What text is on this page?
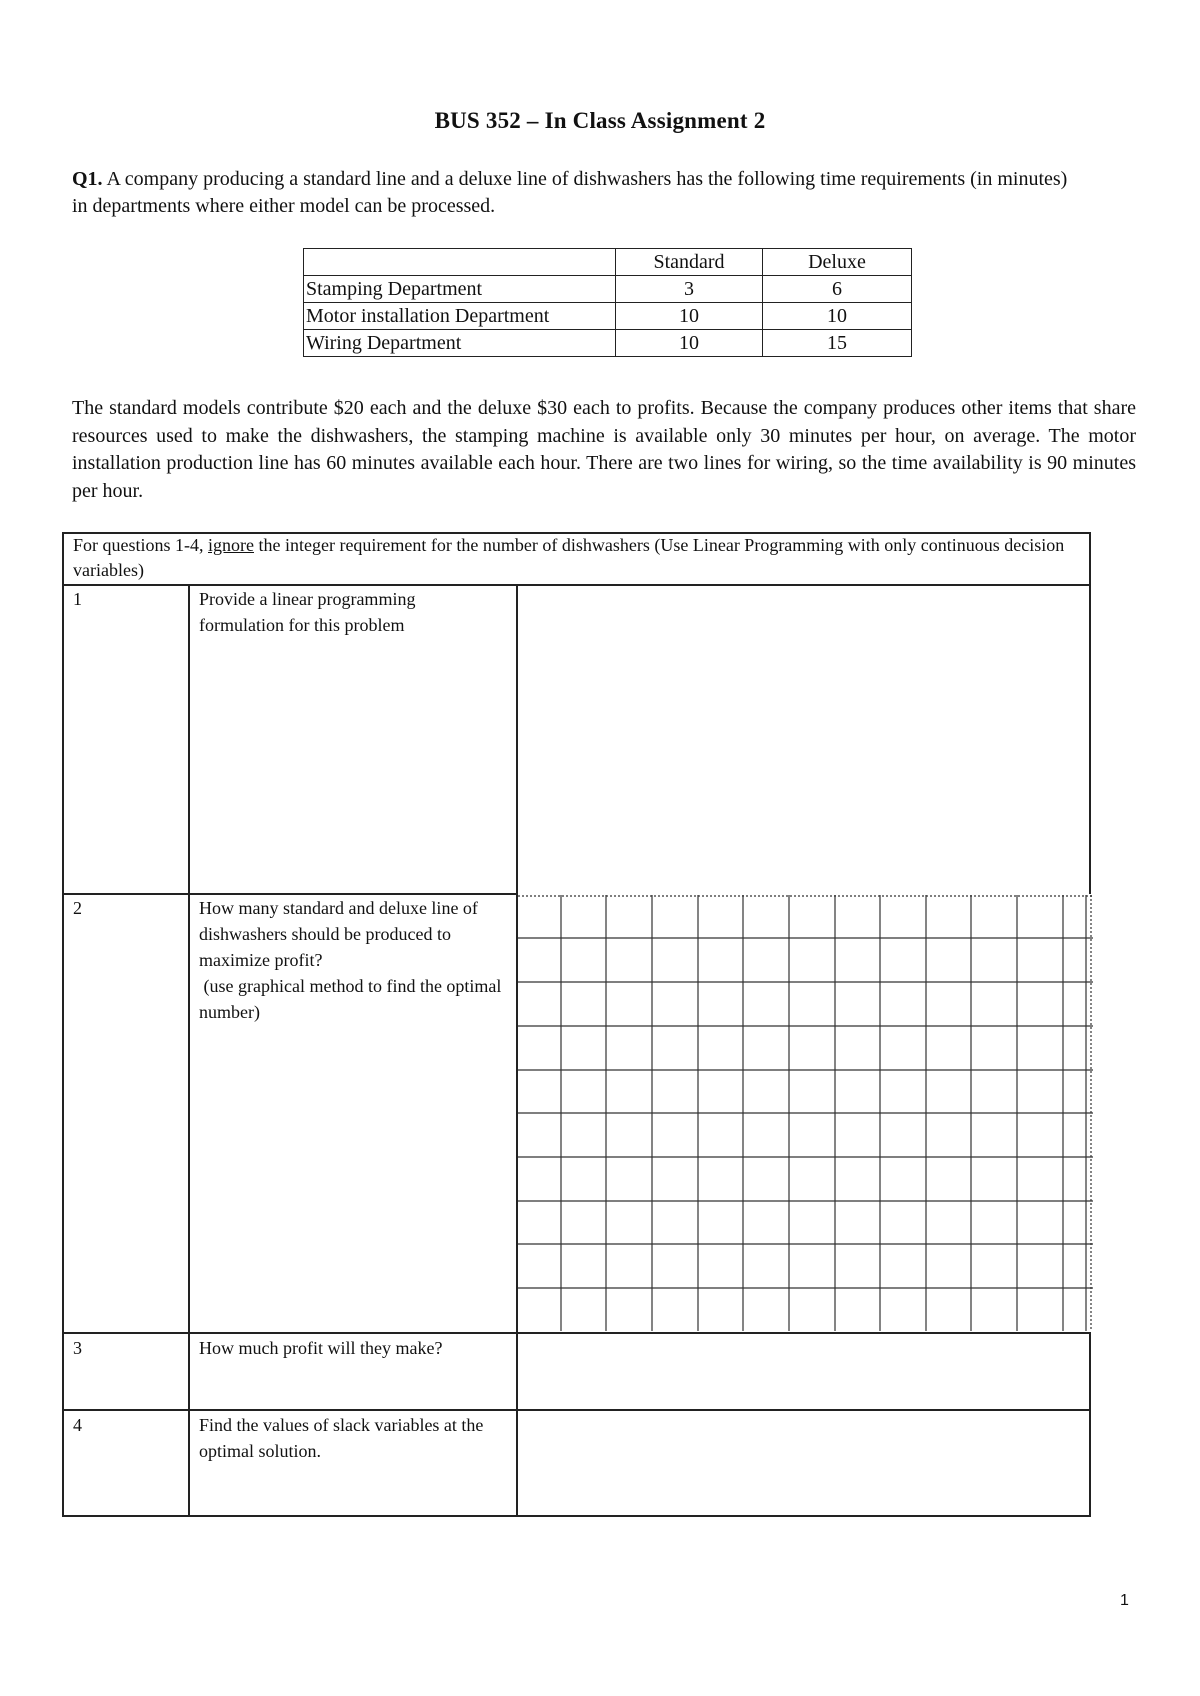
BUS 352 – In Class Assignment 2
Q1. A company producing a standard line and a deluxe line of dishwashers has the following time requirements (in minutes) in departments where either model can be processed.
	Standard	Deluxe
Stamping Department	3	6
Motor installation Department	10	10
Wiring Department	10	15
The standard models contribute $20 each and the deluxe $30 each to profits. Because the company produces other items that share resources used to make the dishwashers, the stamping machine is available only 30 minutes per hour, on average. The motor installation production line has 60 minutes available each hour. There are two lines for wiring, so the time availability is 90 minutes per hour.
For questions 1-4, ignore the integer requirement for the number of dishwashers (Use Linear Programming with only continuous decision variables)
1	Provide a linear programming formulation for this problem
2	How many standard and deluxe line of dishwashers should be produced to maximize profit?
(use graphical method to find the optimal number)
3	How much profit will they make?
4	Find the values of slack variables at the optimal solution.
1
